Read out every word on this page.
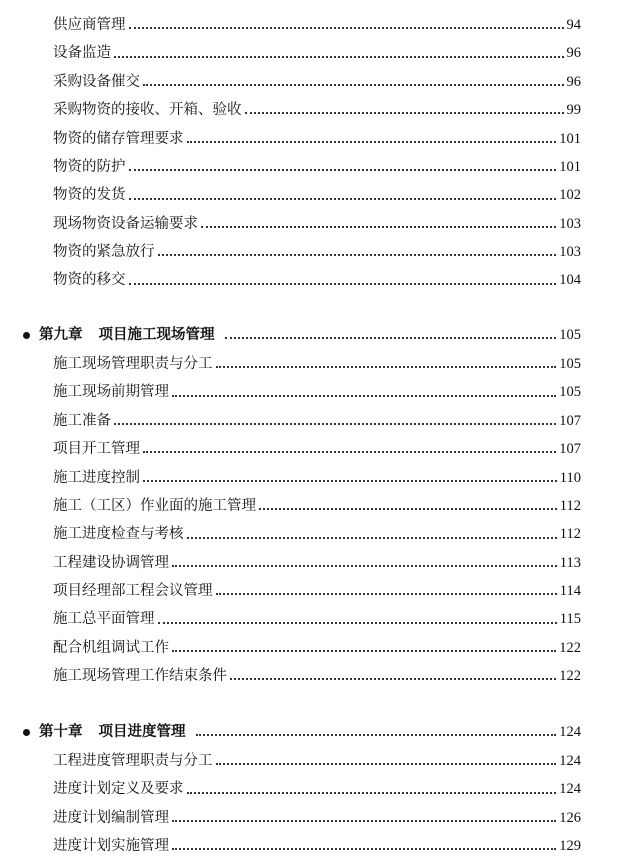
供应商管理	94
设备监造	96
采购设备催交	96
采购物资的接收、开箱、验收	99
物资的储存管理要求	101
物资的防护	101
物资的发货	102
现场物资设备运输要求	103
物资的紧急放行	103
物资的移交	104
第九章 项目施工现场管理	105
施工现场管理职责与分工	105
施工现场前期管理	105
施工准备	107
项目开工管理	107
施工进度控制	110
施工（工区）作业面的施工管理	112
施工进度检查与考核	112
工程建设协调管理	113
项目经理部工程会议管理	114
施工总平面管理	115
配合机组调试工作	122
施工现场管理工作结束条件	122
第十章 项目进度管理	124
工程进度管理职责与分工	124
进度计划定义及要求	124
进度计划编制管理	126
进度计划实施管理	129
